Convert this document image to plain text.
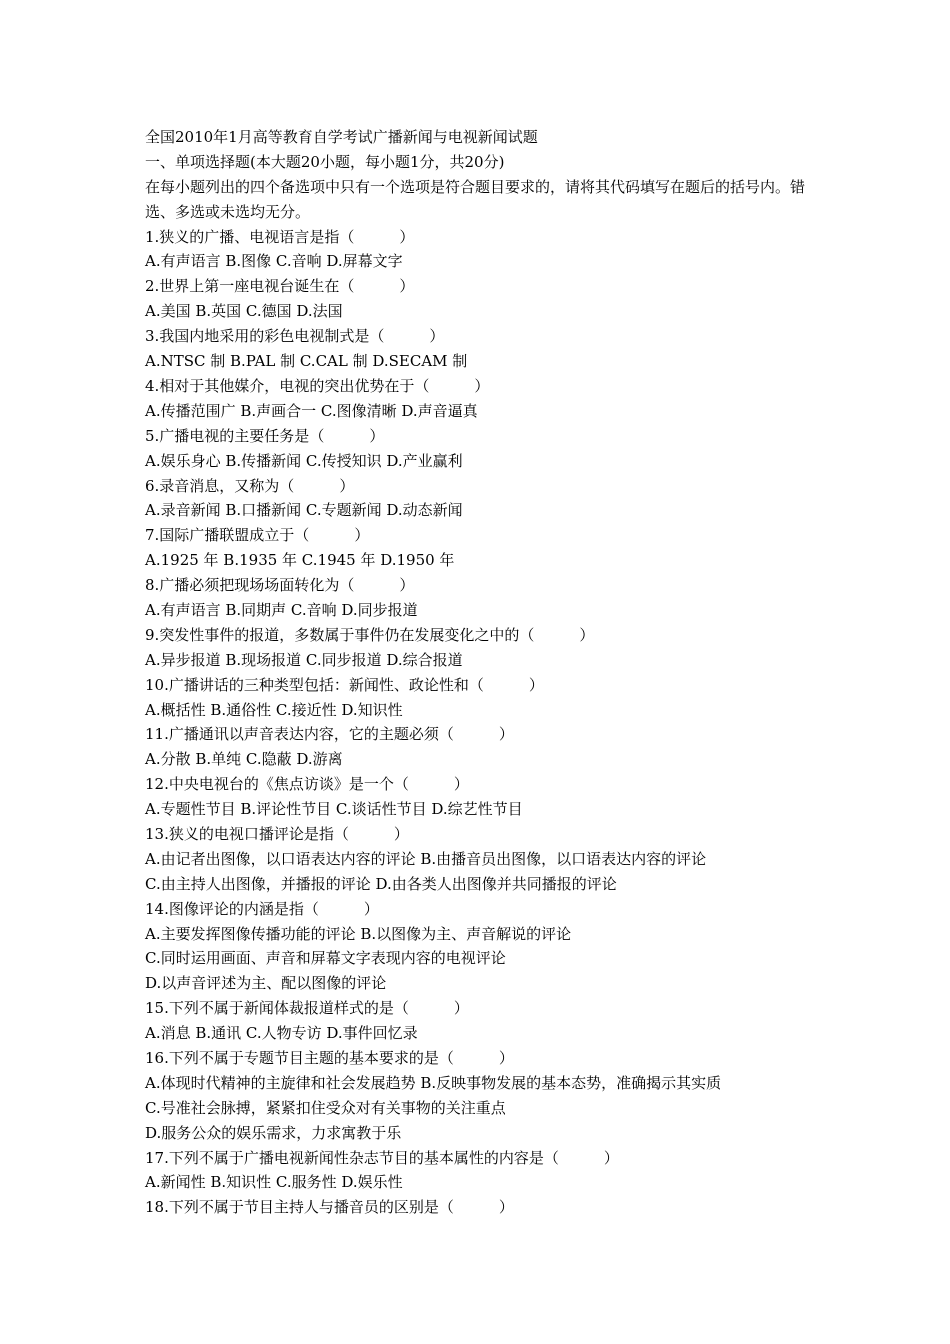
全国2010年1月高等教育自学考试广播新闻与电视新闻试题
一、单项选择题(本大题20小题，每小题1分，共20分)
在每小题列出的四个备选项中只有一个选项是符合题目要求的，请将其代码填写在题后的括号内。错选、多选或未选均无分。
1.狭义的广播、电视语言是指（　　　）
A.有声语言 B.图像 C.音响 D.屏幕文字
2.世界上第一座电视台诞生在（　　　）
A.美国 B.英国 C.德国 D.法国
3.我国内地采用的彩色电视制式是（　　　）
A.NTSC 制 B.PAL 制 C.CAL 制 D.SECAM 制
4.相对于其他媒介，电视的突出优势在于（　　　）
A.传播范围广 B.声画合一 C.图像清晰 D.声音逼真
5.广播电视的主要任务是（　　　）
A.娱乐身心 B.传播新闻 C.传授知识 D.产业赢利
6.录音消息，又称为（　　　）
A.录音新闻 B.口播新闻 C.专题新闻 D.动态新闻
7.国际广播联盟成立于（　　　）
A.1925 年 B.1935 年 C.1945 年 D.1950 年
8.广播必须把现场场面转化为（　　　）
A.有声语言 B.同期声 C.音响 D.同步报道
9.突发性事件的报道，多数属于事件仍在发展变化之中的（　　　）
A.异步报道 B.现场报道 C.同步报道 D.综合报道
10.广播讲话的三种类型包括：新闻性、政论性和（　　　）
A.概括性 B.通俗性 C.接近性 D.知识性
11.广播通讯以声音表达内容，它的主题必须（　　　）
A.分散 B.单纯 C.隐蔽 D.游离
12.中央电视台的《焦点访谈》是一个（　　　）
A.专题性节目 B.评论性节目 C.谈话性节目 D.综艺性节目
13.狭义的电视口播评论是指（　　　）
A.由记者出图像，以口语表达内容的评论 B.由播音员出图像，以口语表达内容的评论
C.由主持人出图像，并播报的评论 D.由各类人出图像并共同播报的评论
14.图像评论的内涵是指（　　　）
A.主要发挥图像传播功能的评论 B.以图像为主、声音解说的评论
C.同时运用画面、声音和屏幕文字表现内容的电视评论
D.以声音评述为主、配以图像的评论
15.下列不属于新闻体裁报道样式的是（　　　）
A.消息 B.通讯 C.人物专访 D.事件回忆录
16.下列不属于专题节目主题的基本要求的是（　　　）
A.体现时代精神的主旋律和社会发展趋势 B.反映事物发展的基本态势，准确揭示其实质
C.号准社会脉搏，紧紧扣住受众对有关事物的关注重点
D.服务公众的娱乐需求，力求寓教于乐
17.下列不属于广播电视新闻性杂志节目的基本属性的内容是（　　　）
A.新闻性 B.知识性 C.服务性 D.娱乐性
18.下列不属于节目主持人与播音员的区别是（　　　）
